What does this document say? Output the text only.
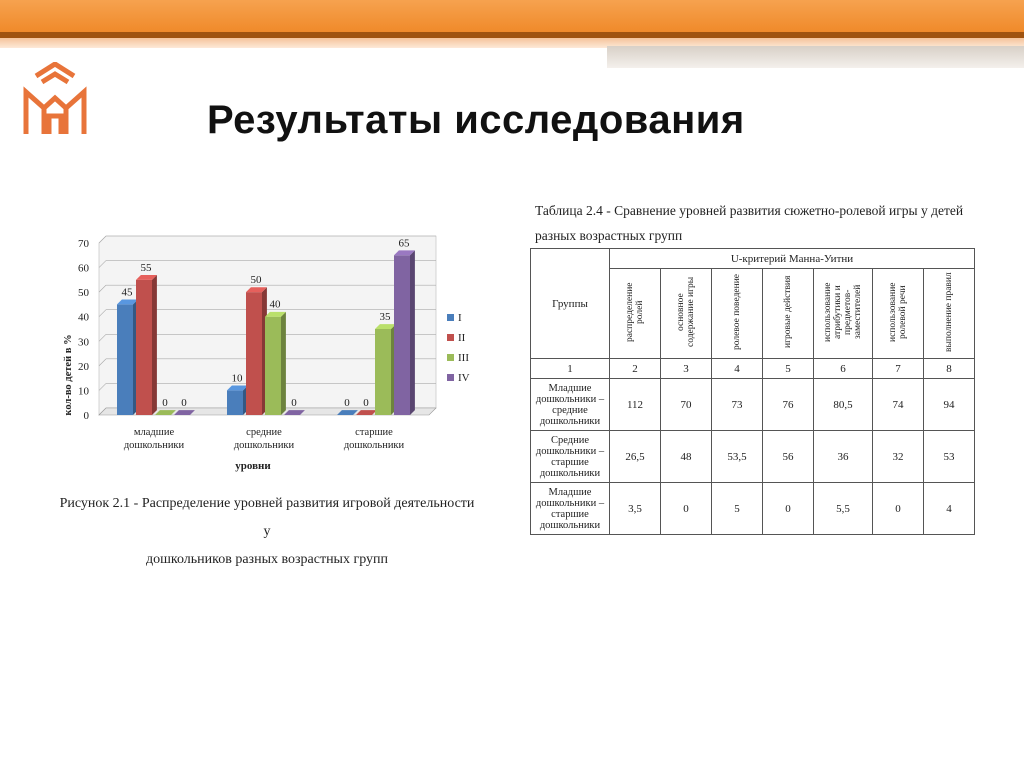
Результаты исследования
0
10
20
30
40
50
60
70
45
55
0 0
10
50
40
0	0 0
35
65
младшие
дошкольники
средние
дошкольники
старшие
дошкольники
I
II
III
IV
кол-во детей в %
уровни
Рисунок 2.1 - Распределение уровней развития игровой деятельности у
дошкольников разных возрастных групп
Таблица 2.4 - Сравнение уровней развития сюжетно-ролевой игры у детей
разных возрастных групп
Группы	U-критерий Манна-Уитни						
	распределение ролей	основное содержание игры	ролевое поведение	игровые действия	использование атрибутики и предметов-заместителей	использование ролевой речи	выполнение правил
1	2	3	4	5	6	7	8
Младшие дошкольники – средние дошкольники	112	70	73	76	80,5	74	94
Средние дошкольники – старшие дошкольники	26,5	48	53,5	56	36	32	53
Младшие дошкольники – старшие дошкольники	3,5	0	5	0	5,5	0	4
